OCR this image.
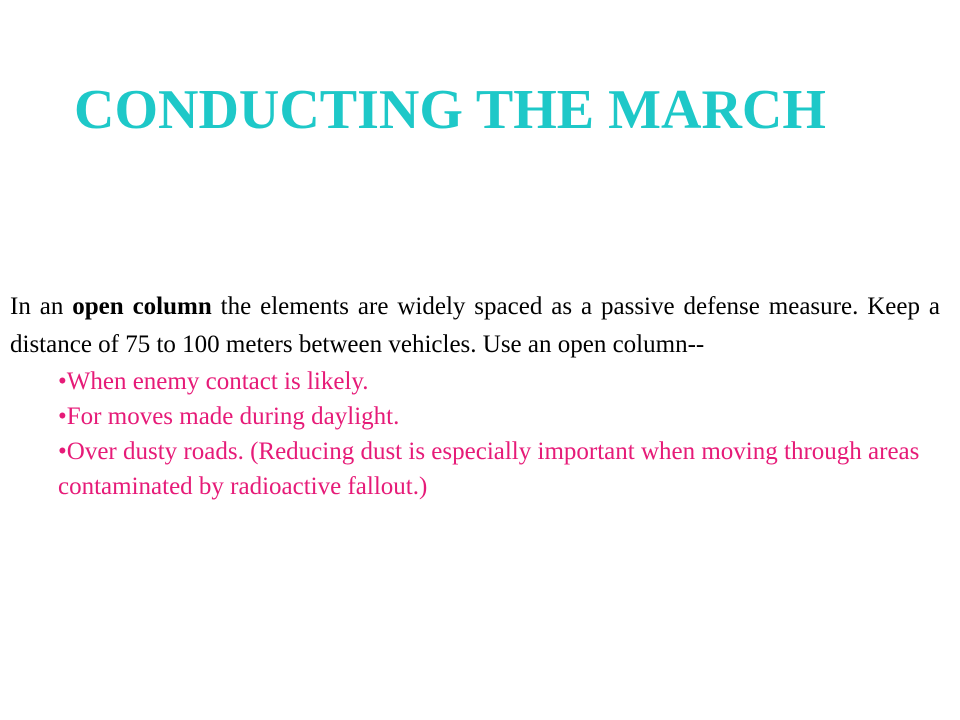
CONDUCTING THE MARCH

In an open column the elements are widely spaced as a passive defense measure. Keep a distance of 75 to 100 meters between vehicles. Use an open column--

•When enemy contact is likely.
•For moves made during daylight.
•Over dusty roads. (Reducing dust is especially important when moving through areas contaminated by radioactive fallout.)
